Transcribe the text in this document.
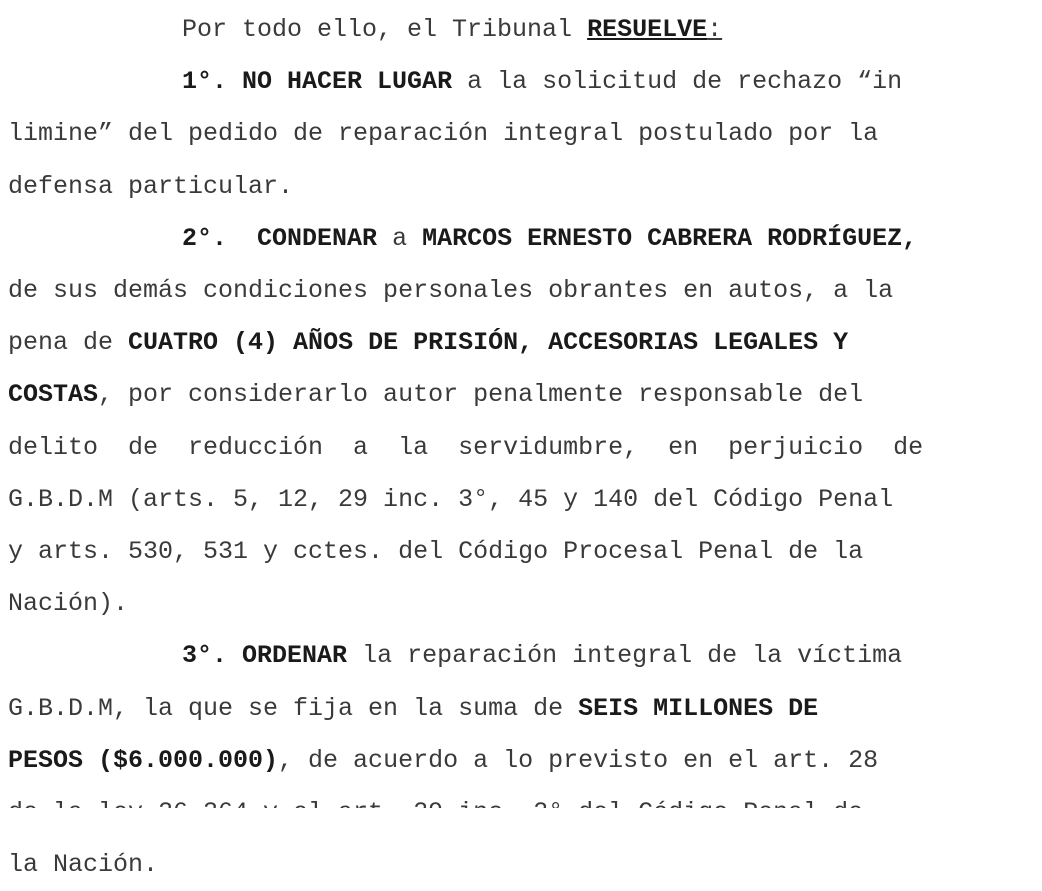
Por todo ello, el Tribunal RESUELVE:
1°. NO HACER LUGAR a la solicitud de rechazo “in
limine” del pedido de reparación integral postulado por la
defensa particular.
2°. CONDENAR a MARCOS ERNESTO CABRERA RODRÍGUEZ,
de sus demás condiciones personales obrantes en autos, a la
pena de CUATRO (4) AÑOS DE PRISIÓN, ACCESORIAS LEGALES Y
COSTAS, por considerarlo autor penalmente responsable del
delito  de  reducción  a  la  servidumbre,  en  perjuicio  de
G.B.D.M (arts. 5, 12, 29 inc. 3°, 45 y 140 del Código Penal
y arts. 530, 531 y cctes. del Código Procesal Penal de la
Nación).
3°. ORDENAR la reparación integral de la víctima
G.B.D.M, la que se fija en la suma de SEIS MILLONES DE
PESOS ($6.000.000), de acuerdo a lo previsto en el art. 28
la Nación.
